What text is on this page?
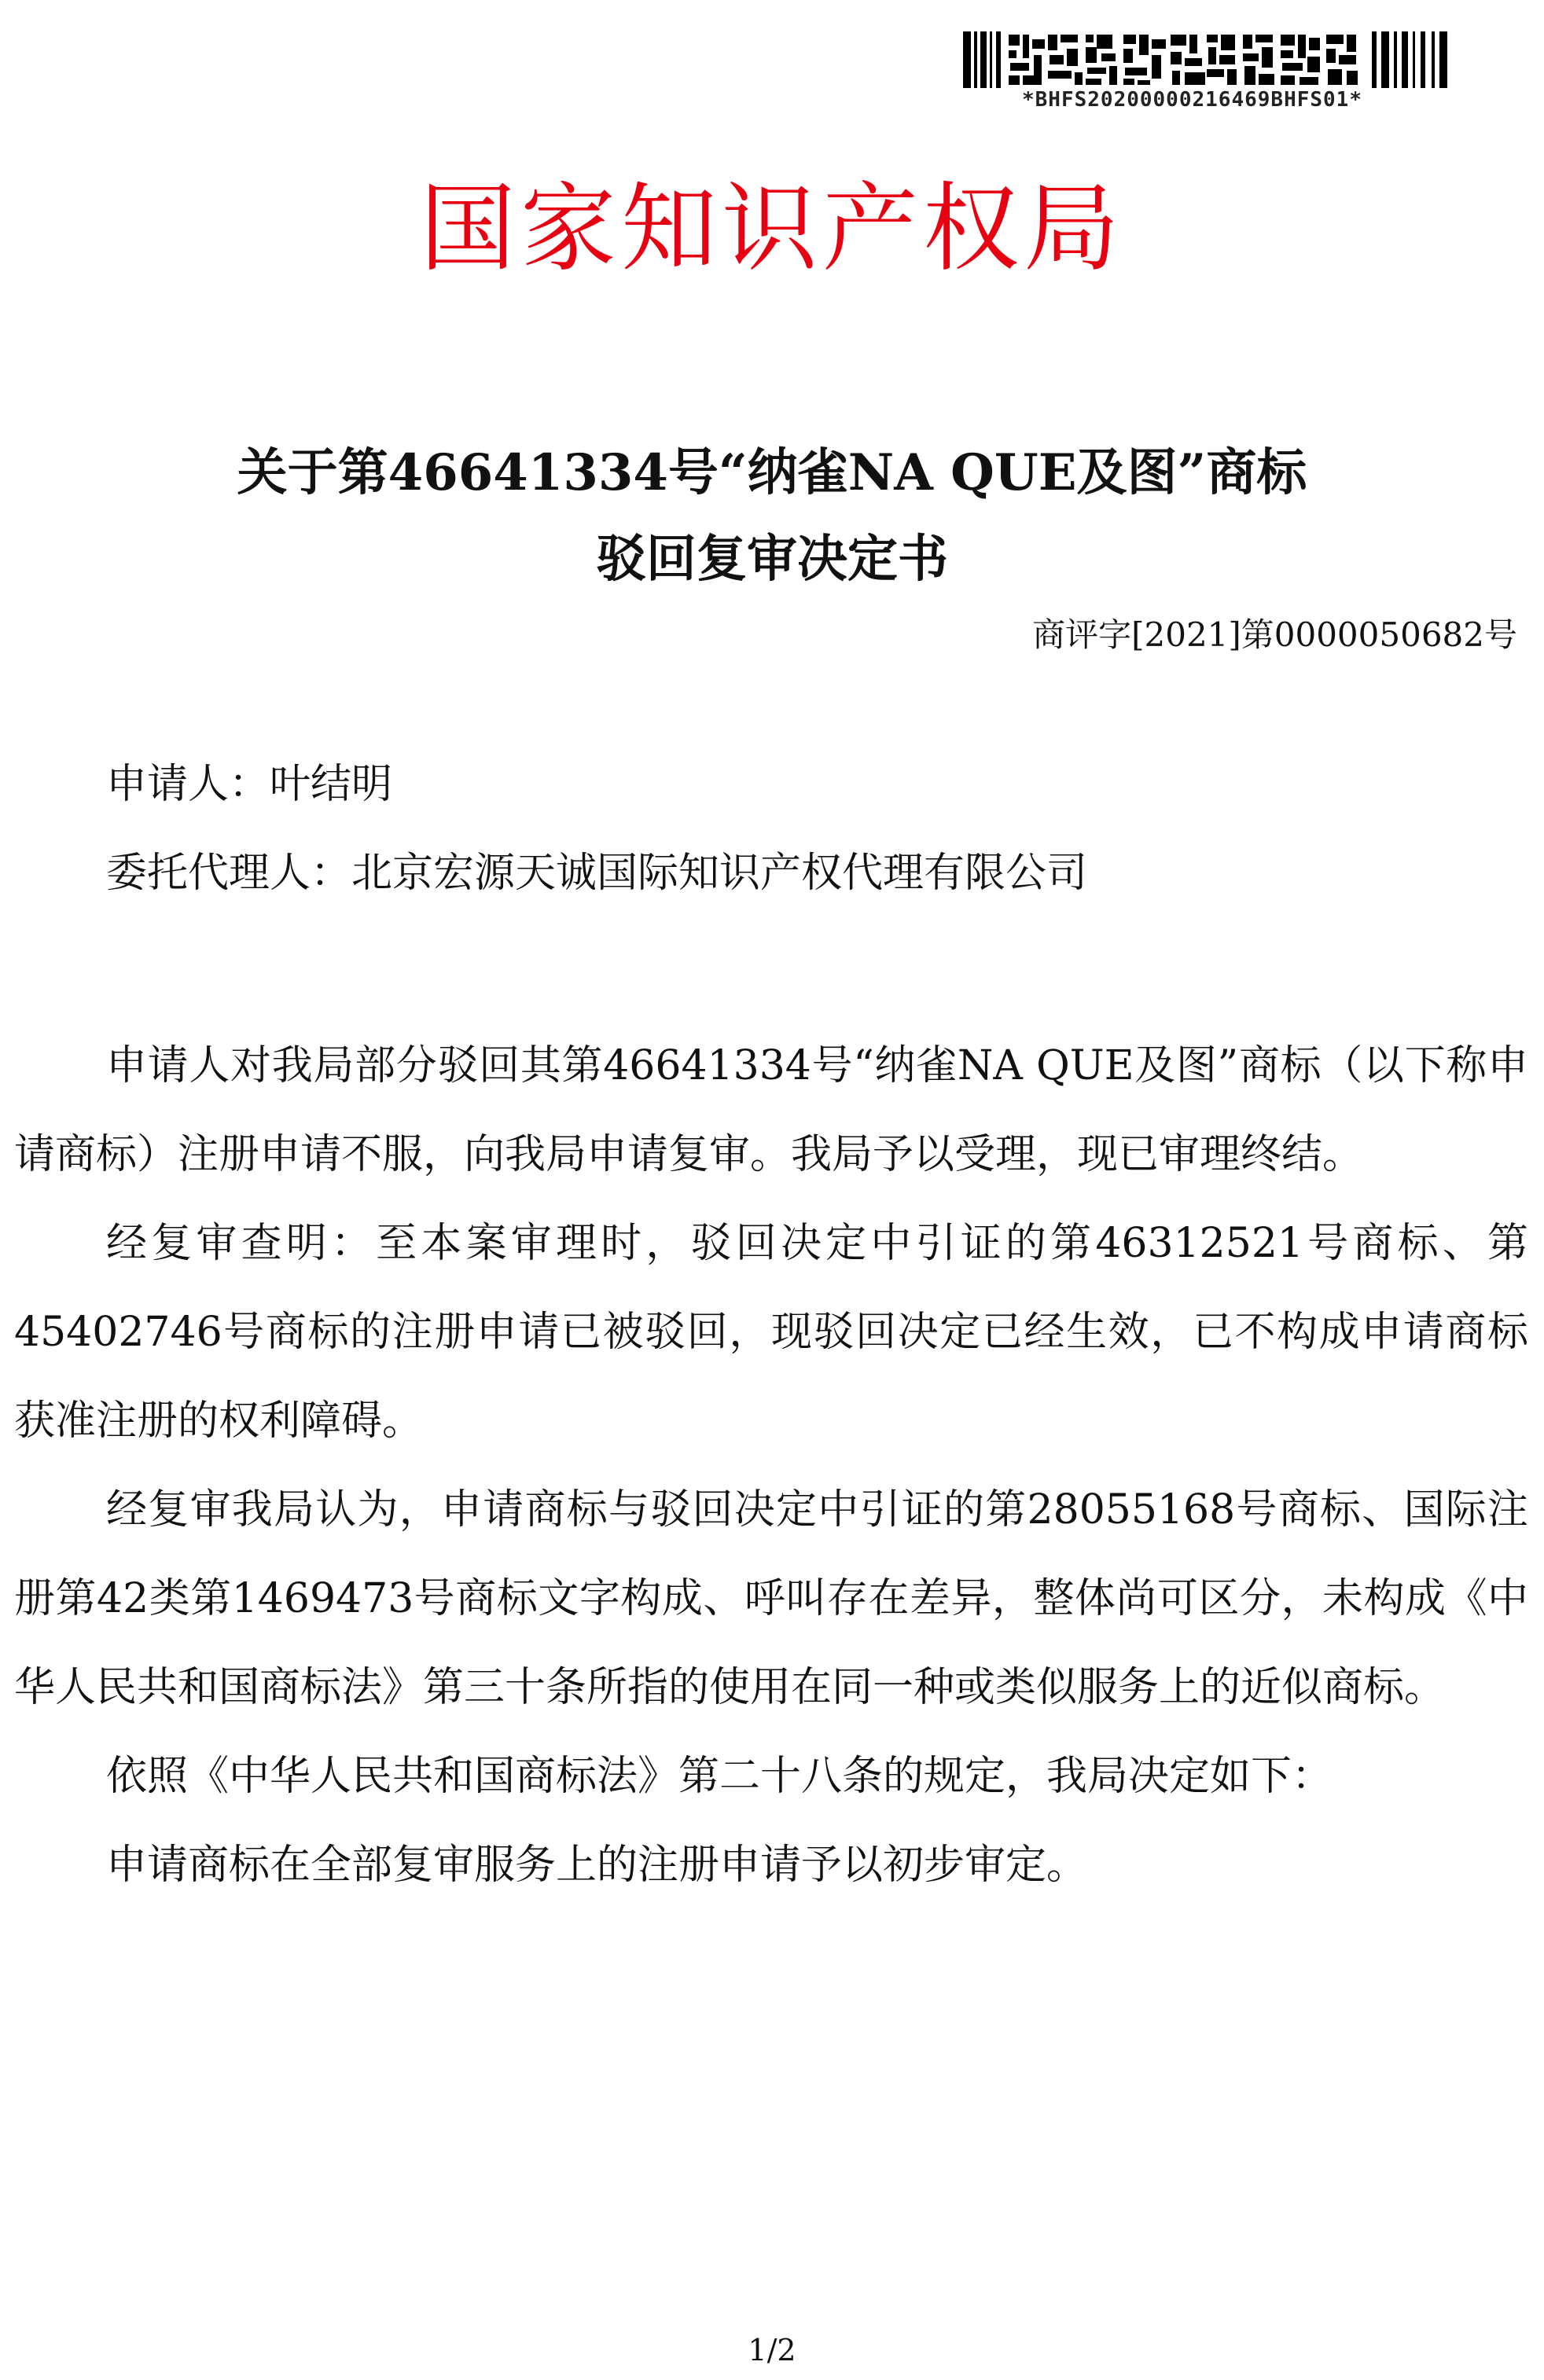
*BHFS20200000216469BHFS01*
国家知识产权局
关于第46641334号“纳雀NA QUE及图”商标
驳回复审决定书
商评字[2021]第0000050682号
申请人：叶结明
委托代理人：北京宏源天诚国际知识产权代理有限公司

申请人对我局部分驳回其第46641334号“纳雀NA QUE及图”商标（以下称申请商标）注册申请不服，向我局申请复审。我局予以受理，现已审理终结。

经复审查明：至本案审理时，驳回决定中引证的第46312521号商标、第45402746号商标的注册申请已被驳回，现驳回决定已经生效，已不构成申请商标获准注册的权利障碍。

经复审我局认为，申请商标与驳回决定中引证的第28055168号商标、国际注册第42类第1469473号商标文字构成、呼叫存在差异，整体尚可区分，未构成《中华人民共和国商标法》第三十条所指的使用在同一种或类似服务上的近似商标。

依照《中华人民共和国商标法》第二十八条的规定，我局决定如下：

申请商标在全部复审服务上的注册申请予以初步审定。

1/2
